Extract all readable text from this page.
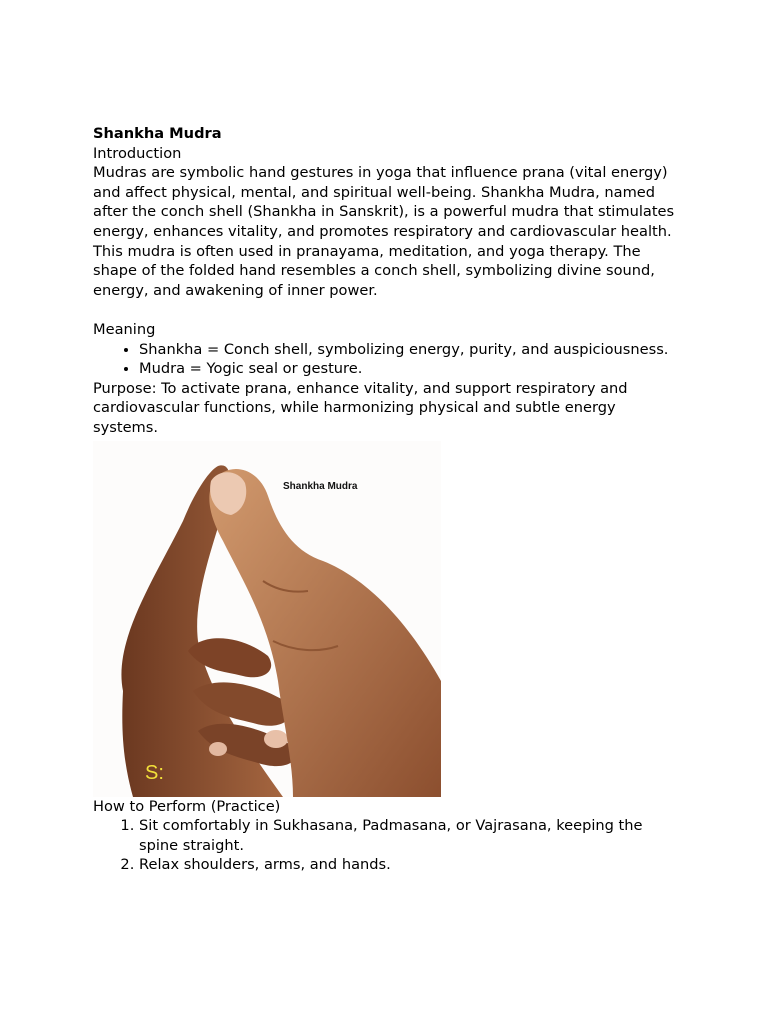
Shankha Mudra

Introduction

Mudras are symbolic hand gestures in yoga that influence prana (vital energy) and affect physical, mental, and spiritual well-being. Shankha Mudra, named after the conch shell (Shankha in Sanskrit), is a powerful mudra that stimulates energy, enhances vitality, and promotes respiratory and cardiovascular health.

This mudra is often used in pranayama, meditation, and yoga therapy. The shape of the folded hand resembles a conch shell, symbolizing divine sound, energy, and awakening of inner power.

Meaning

• Shankha = Conch shell, symbolizing energy, purity, and auspiciousness.
• Mudra = Yogic seal or gesture.

Purpose: To activate prana, enhance vitality, and support respiratory and cardiovascular functions, while harmonizing physical and subtle energy systems.

S:
Shankha Mudra

How to Perform (Practice)

1. Sit comfortably in Sukhasana, Padmasana, or Vajrasana, keeping the spine straight.
2. Relax shoulders, arms, and hands.
